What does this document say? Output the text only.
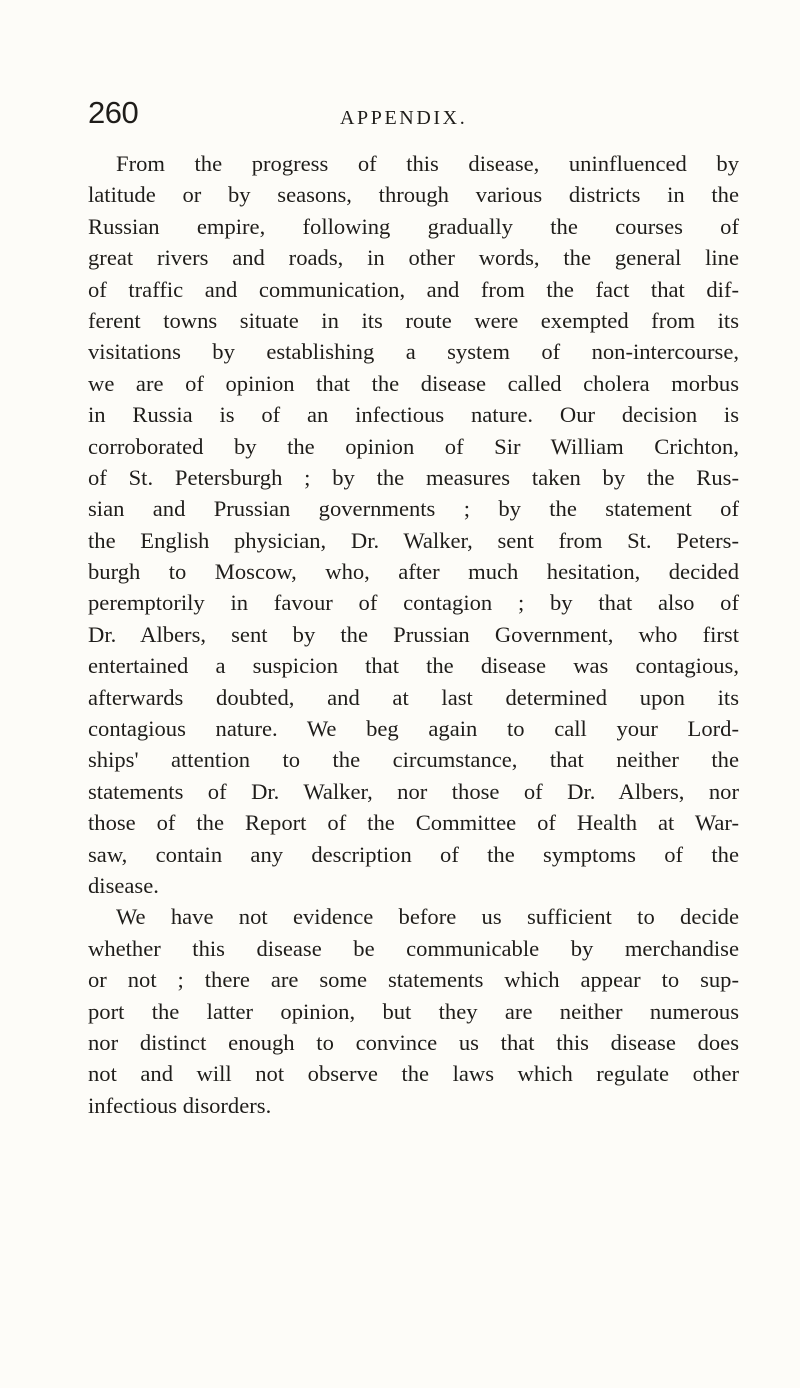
260	APPENDIX.
From the progress of this disease, uninfluenced by
latitude or by seasons, through various districts in the
Russian empire, following gradually the courses of
great rivers and roads, in other words, the general line
of traffic and communication, and from the fact that dif-
ferent towns situate in its route were exempted from its
visitations by establishing a system of non-intercourse,
we are of opinion that the disease called cholera morbus
in Russia is of an infectious nature. Our decision is
corroborated by the opinion of Sir William Crichton,
of St. Petersburgh ; by the measures taken by the Rus-
sian and Prussian governments ; by the statement of
the English physician, Dr. Walker, sent from St. Peters-
burgh to Moscow, who, after much hesitation, decided
peremptorily in favour of contagion ; by that also of
Dr. Albers, sent by the Prussian Government, who first
entertained a suspicion that the disease was contagious,
afterwards doubted, and at last determined upon its
contagious nature. We beg again to call your Lord-
ships' attention to the circumstance, that neither the
statements of Dr. Walker, nor those of Dr. Albers, nor
those of the Report of the Committee of Health at War-
saw, contain any description of the symptoms of the
disease.
We have not evidence before us sufficient to decide
whether this disease be communicable by merchandise
or not ; there are some statements which appear to sup-
port the latter opinion, but they are neither numerous
nor distinct enough to convince us that this disease does
not and will not observe the laws which regulate other
infectious disorders.
